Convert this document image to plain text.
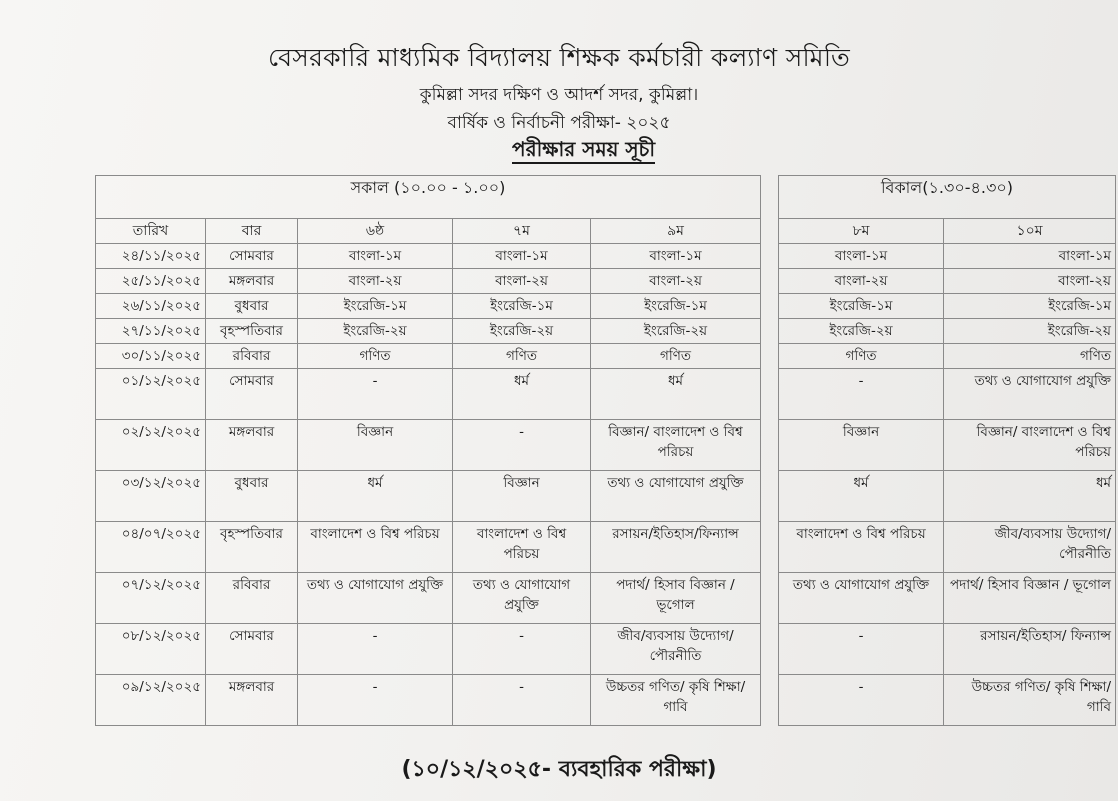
বেসরকারি মাধ্যমিক বিদ্যালয় শিক্ষক কর্মচারী কল্যাণ সমিতি
কুমিল্লা সদর দক্ষিণ ও আদর্শ সদর, কুমিল্লা।
বার্ষিক ও নির্বাচনী পরীক্ষা- ২০২৫
পরীক্ষার সময় সূচী
সকাল (১০.০০ - ১.০০)						বিকাল(১.৩০-৪.৩০)	
তারিখ	বার	৬ষ্ঠ	৭ম	৯ম		৮ম	১০ম
২৪/১১/২০২৫	সোমবার	বাংলা-১ম	বাংলা-১ম	বাংলা-১ম		বাংলা-১ম	বাংলা-১ম
২৫/১১/২০২৫	মঙ্গলবার	বাংলা-২য়	বাংলা-২য়	বাংলা-২য়		বাংলা-২য়	বাংলা-২য়
২৬/১১/২০২৫	বুধবার	ইংরেজি-১ম	ইংরেজি-১ম	ইংরেজি-১ম		ইংরেজি-১ম	ইংরেজি-১ম
২৭/১১/২০২৫	বৃহস্পতিবার	ইংরেজি-২য়	ইংরেজি-২য়	ইংরেজি-২য়		ইংরেজি-২য়	ইংরেজি-২য়
৩০/১১/২০২৫	রবিবার	গণিত	গণিত	গণিত		গণিত	গণিত
০১/১২/২০২৫	সোমবার	-	ধর্ম	ধর্ম		-	তথ্য ও যোগাযোগ প্রযুক্তি
০২/১২/২০২৫	মঙ্গলবার	বিজ্ঞান	-	বিজ্ঞান/ বাংলাদেশ ও বিশ্ব পরিচয়		বিজ্ঞান	বিজ্ঞান/ বাংলাদেশ ও বিশ্ব পরিচয়
০৩/১২/২০২৫	বুধবার	ধর্ম	বিজ্ঞান	তথ্য ও যোগাযোগ প্রযুক্তি		ধর্ম	ধর্ম
০৪/০৭/২০২৫	বৃহস্পতিবার	বাংলাদেশ ও বিশ্ব পরিচয়	বাংলাদেশ ও বিশ্ব পরিচয়	রসায়ন/ইতিহাস/ফিন্যান্স		বাংলাদেশ ও বিশ্ব পরিচয়	জীব/ব্যবসায় উদ্যোগ/ পৌরনীতি
০৭/১২/২০২৫	রবিবার	তথ্য ও যোগাযোগ প্রযুক্তি	তথ্য ও যোগাযোগ প্রযুক্তি	পদার্থ/ হিসাব বিজ্ঞান / ভূগোল		তথ্য ও যোগাযোগ প্রযুক্তি	পদার্থ/ হিসাব বিজ্ঞান / ভূগোল
০৮/১২/২০২৫	সোমবার	-	-	জীব/ব্যবসায় উদ্যোগ/ পৌরনীতি		-	রসায়ন/ইতিহাস/ ফিন্যান্স
০৯/১২/২০২৫	মঙ্গলবার	-	-	উচ্চতর গণিত/ কৃষি শিক্ষা/ গাবি		-	উচ্চতর গণিত/ কৃষি শিক্ষা/ গাবি
(১০/১২/২০২৫- ব্যবহারিক পরীক্ষা)
